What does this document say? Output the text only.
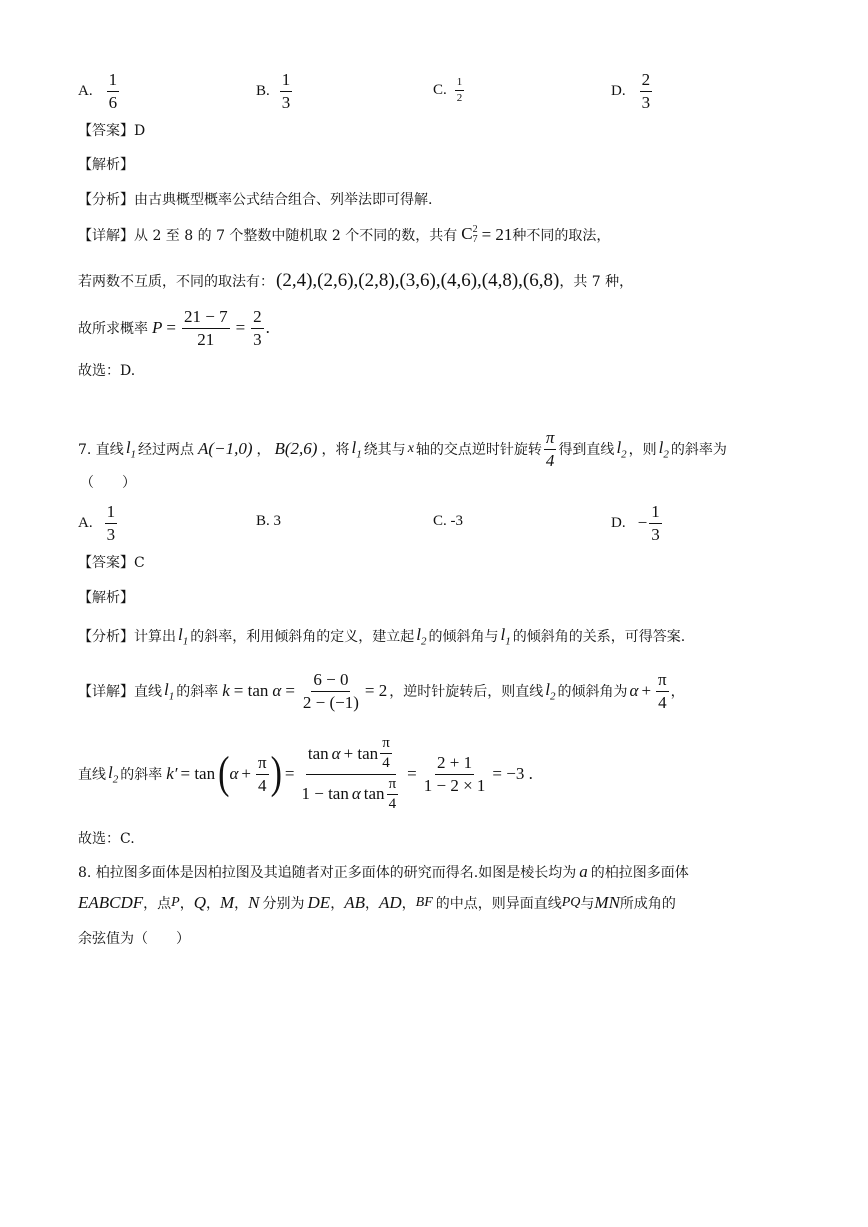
A. $\frac{1}{6}$	B. $\frac{1}{3}$	C. $\frac{1}{2}$	D. $\frac{2}{3}$
【答案】D
【解析】
【分析】由古典概型概率公式结合组合、列举法即可得解.
【详解】从 2 至 8 的 7 个整数中随机取 2 个不同的数，共有 C 2
7 = 21 种不同的取法，
若两数不互质，不同的取法有： (2,4),(2,6),(2,8),(3,6),(4,6),(4,8),(6,8) ，共 7 种，
故所求概率 $P = \frac{21 - 7}{21} = \frac{2}{3}$ .
故选：D.
7. 直线 $l_1$ 经过两点 A(−1,0) ， B(2,6) ，将 $l_1$ 绕其与 x 轴的交点逆时针旋转 $\frac{\pi}{4}$ 得到直线 $l_2$ ，则 $l_2$ 的斜率为
（　　）
A. $\frac{1}{3}$	B. 3	C. -3	D. − $\frac{1}{3}$
【答案】C
【解析】
【分析】计算出 $l_1$ 的斜率，利用倾斜角的定义，建立起 $l_2$ 的倾斜角与 $l_1$ 的倾斜角的关系，可得答案.
【详解】直线 $l_1$ 的斜率 $k = \tan \alpha = \frac{6 - 0}{2 - (-1)} = 2$ ，逆时针旋转后，则直线 $l_2$ 的倾斜角为 $\alpha + \frac{\pi}{4}$ ，
直线 $l_2$ 的斜率 k′ = tan ( $\alpha + \frac{\pi}{4}$ ) = $\frac{\tan \alpha + \tan \frac{\pi}{4}}{1 - \tan \alpha \tan \frac{\pi}{4}} = \frac{2 + 1}{1 - 2 \times 1} = -3$ .
故选：C.
8. 柏拉图多面体是因柏拉图及其追随者对正多面体的研究而得名.如图是棱长均为 a 的柏拉图多面体
EABCDF ，点 P ， Q ， M ， N 分别为 DE ， AB ， AD ， BF 的中点，则异面直线 PQ 与 MN 所成角的
余弦值为（　　）
